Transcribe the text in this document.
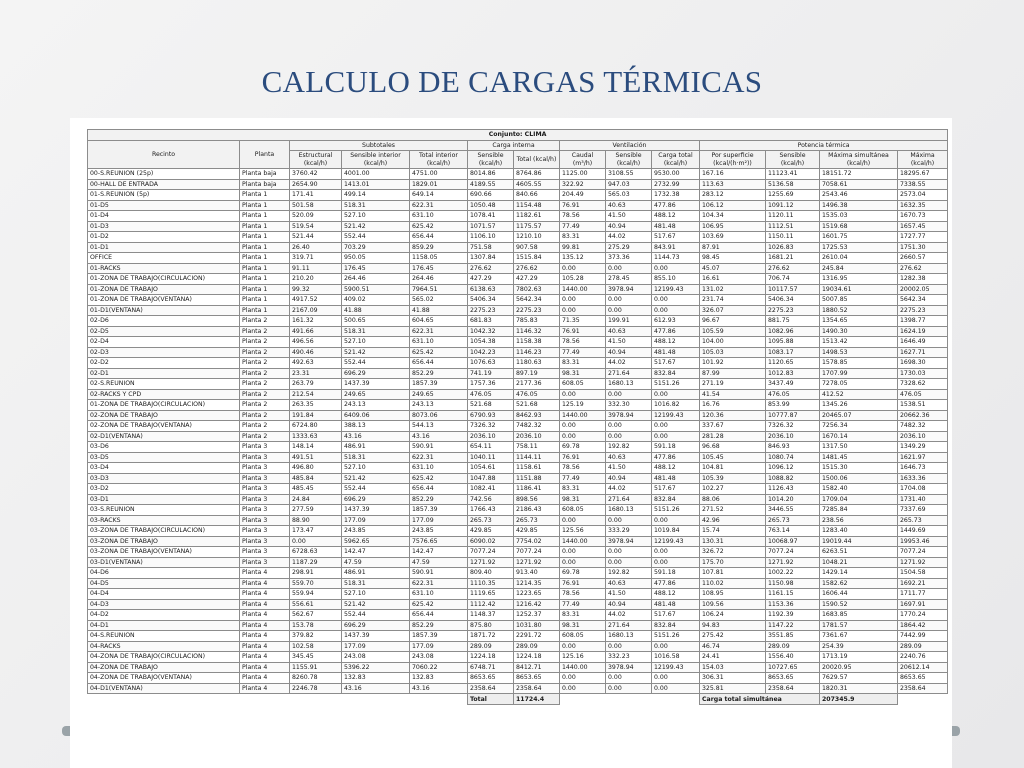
CALCULO DE CARGAS TÉRMICAS
Conjunto: CLIMA													
Recinto	Planta	Subtotales			Carga interna		Ventilación			Potencia térmica			
		Estructural (kcal/h)	Sensible interior (kcal/h)	Total interior (kcal/h)	Sensible (kcal/h)	Total (kcal/h)	Caudal (m³/h)	Sensible (kcal/h)	Carga total (kcal/h)	Por superficie (kcal/(h·m²))	Sensible (kcal/h)	Máxima simultánea (kcal/h)	Máxima (kcal/h)
00-S.REUNION (25p)	Planta baja	3760.42	4001.00	4751.00	8014.86	8764.86	1125.00	3108.55	9530.00	167.16	11123.41	18151.72	18295.67
00-HALL DE ENTRADA	Planta baja	2654.90	1413.01	1829.01	4189.55	4605.55	322.92	947.03	2732.99	113.63	5136.58	7058.61	7338.55
01-S.REUNION (5p)	Planta 1	171.41	499.14	649.14	690.66	840.66	204.49	565.03	1732.38	283.12	1255.69	2543.46	2573.04
01-D5	Planta 1	501.58	518.31	622.31	1050.48	1154.48	76.91	40.63	477.86	106.12	1091.12	1496.38	1632.35
01-D4	Planta 1	520.09	527.10	631.10	1078.41	1182.61	78.56	41.50	488.12	104.34	1120.11	1535.03	1670.73
01-D3	Planta 1	519.54	521.42	625.42	1071.57	1175.57	77.49	40.94	481.48	106.95	1112.51	1519.68	1657.45
01-D2	Planta 1	521.44	552.44	656.44	1106.10	1210.10	83.31	44.02	517.67	103.69	1150.11	1601.75	1727.77
01-D1	Planta 1	26.40	703.29	859.29	751.58	907.58	99.81	275.29	843.91	87.91	1026.83	1725.53	1751.30
OFFICE	Planta 1	319.71	950.05	1158.05	1307.84	1515.84	135.12	373.36	1144.73	98.45	1681.21	2610.04	2660.57
01-RACKS	Planta 1	91.11	176.45	176.45	276.62	276.62	0.00	0.00	0.00	45.07	276.62	245.84	276.62
01-ZONA DE TRABAJO(CIRCULACION)	Planta 1	210.20	264.46	264.46	427.29	427.29	105.28	278.45	855.10	16.61	706.74	1316.95	1282.38
01-ZONA DE TRABAJO	Planta 1	99.32	5900.51	7964.51	6138.63	7802.63	1440.00	3978.94	12199.43	131.02	10117.57	19034.61	20002.05
01-ZONA DE TRABAJO(VENTANA)	Planta 1	4917.52	409.02	565.02	5406.34	5642.34	0.00	0.00	0.00	231.74	5406.34	5007.85	5642.34
01-D1(VENTANA)	Planta 1	2167.09	41.88	41.88	2275.23	2275.23	0.00	0.00	0.00	326.07	2275.23	1880.52	2275.23
02-D6	Planta 2	161.32	500.65	604.65	681.83	785.83	71.35	199.91	612.93	96.67	881.75	1354.65	1398.77
02-D5	Planta 2	491.66	518.31	622.31	1042.32	1146.32	76.91	40.63	477.86	105.59	1082.96	1490.30	1624.19
02-D4	Planta 2	496.56	527.10	631.10	1054.38	1158.38	78.56	41.50	488.12	104.00	1095.88	1513.42	1646.49
02-D3	Planta 2	490.46	521.42	625.42	1042.23	1146.23	77.49	40.94	481.48	105.03	1083.17	1498.53	1627.71
02-D2	Planta 2	492.63	552.44	656.44	1076.63	1180.63	83.31	44.02	517.67	101.92	1120.65	1578.85	1698.30
02-D1	Planta 2	23.31	696.29	852.29	741.19	897.19	98.31	271.64	832.84	87.99	1012.83	1707.99	1730.03
02-S.REUNION	Planta 2	263.79	1437.39	1857.39	1757.36	2177.36	608.05	1680.13	5151.26	271.19	3437.49	7278.05	7328.62
02-RACKS Y CPD	Planta 2	212.54	249.65	249.65	476.05	476.05	0.00	0.00	0.00	41.54	476.05	412.52	476.05
01-ZONA DE TRABAJO(CIRCULACION)	Planta 2	263.35	243.13	243.13	521.68	521.68	125.19	332.30	1016.82	16.76	853.99	1345.26	1538.51
02-ZONA DE TRABAJO	Planta 2	191.84	6409.06	8073.06	6790.93	8462.93	1440.00	3978.94	12199.43	120.36	10777.87	20465.07	20662.36
02-ZONA DE TRABAJO(VENTANA)	Planta 2	6724.80	388.13	544.13	7326.32	7482.32	0.00	0.00	0.00	337.67	7326.32	7256.34	7482.32
02-D1(VENTANA)	Planta 2	1333.63	43.16	43.16	2036.10	2036.10	0.00	0.00	0.00	281.28	2036.10	1670.14	2036.10
03-D6	Planta 3	148.14	486.91	590.91	654.11	758.11	69.78	192.82	591.18	96.68	846.93	1317.50	1349.29
03-D5	Planta 3	491.51	518.31	622.31	1040.11	1144.11	76.91	40.63	477.86	105.45	1080.74	1481.45	1621.97
03-D4	Planta 3	496.80	527.10	631.10	1054.61	1158.61	78.56	41.50	488.12	104.81	1096.12	1515.30	1646.73
03-D3	Planta 3	485.84	521.42	625.42	1047.88	1151.88	77.49	40.94	481.48	105.39	1088.82	1500.06	1633.36
03-D2	Planta 3	485.45	552.44	656.44	1082.41	1186.41	83.31	44.02	517.67	102.27	1126.43	1582.40	1704.08
03-D1	Planta 3	24.84	696.29	852.29	742.56	898.56	98.31	271.64	832.84	88.06	1014.20	1709.04	1731.40
03-S.REUNION	Planta 3	277.59	1437.39	1857.39	1766.43	2186.43	608.05	1680.13	5151.26	271.52	3446.55	7285.84	7337.69
03-RACKS	Planta 3	88.90	177.09	177.09	265.73	265.73	0.00	0.00	0.00	42.96	265.73	238.56	265.73
03-ZONA DE TRABAJO(CIRCULACION)	Planta 3	173.47	243.85	243.85	429.85	429.85	125.56	333.29	1019.84	15.74	763.14	1283.40	1449.69
03-ZONA DE TRABAJO	Planta 3	0.00	5962.65	7576.65	6090.02	7754.02	1440.00	3978.94	12199.43	130.31	10068.97	19019.44	19953.46
03-ZONA DE TRABAJO(VENTANA)	Planta 3	6728.63	142.47	142.47	7077.24	7077.24	0.00	0.00	0.00	326.72	7077.24	6263.51	7077.24
03-D1(VENTANA)	Planta 3	1187.29	47.59	47.59	1271.92	1271.92	0.00	0.00	0.00	175.70	1271.92	1048.21	1271.92
04-D6	Planta 4	298.91	486.91	590.91	809.40	913.40	69.78	192.82	591.18	107.81	1002.22	1429.14	1504.58
04-D5	Planta 4	559.70	518.31	622.31	1110.35	1214.35	76.91	40.63	477.86	110.02	1150.98	1582.62	1692.21
04-D4	Planta 4	559.94	527.10	631.10	1119.65	1223.65	78.56	41.50	488.12	108.95	1161.15	1606.44	1711.77
04-D3	Planta 4	556.61	521.42	625.42	1112.42	1216.42	77.49	40.94	481.48	109.56	1153.36	1590.52	1697.91
04-D2	Planta 4	562.67	552.44	656.44	1148.37	1252.37	83.31	44.02	517.67	106.24	1192.39	1683.85	1770.24
04-D1	Planta 4	153.78	696.29	852.29	875.80	1031.80	98.31	271.64	832.84	94.83	1147.22	1781.57	1864.42
04-S.REUNION	Planta 4	379.82	1437.39	1857.39	1871.72	2291.72	608.05	1680.13	5151.26	275.42	3551.85	7361.67	7442.99
04-RACKS	Planta 4	102.58	177.09	177.09	289.09	289.09	0.00	0.00	0.00	46.74	289.09	254.39	289.09
04-ZONA DE TRABAJO(CIRCULACION)	Planta 4	345.45	243.08	243.08	1224.18	1224.18	125.16	332.23	1016.58	24.41	1556.40	1713.19	2240.76
04-ZONA DE TRABAJO	Planta 4	1155.91	5396.22	7060.22	6748.71	8412.71	1440.00	3978.94	12199.43	154.03	10727.65	20020.95	20612.14
04-ZONA DE TRABAJO(VENTANA)	Planta 4	8260.78	132.83	132.83	8653.65	8653.65	0.00	0.00	0.00	306.31	8653.65	7629.57	8653.65
04-D1(VENTANA)	Planta 4	2246.78	43.16	43.16	2358.64	2358.64	0.00	0.00	0.00	325.81	2358.64	1820.31	2358.64
					Total	11724.4				Carga total simultánea		207345.9	
